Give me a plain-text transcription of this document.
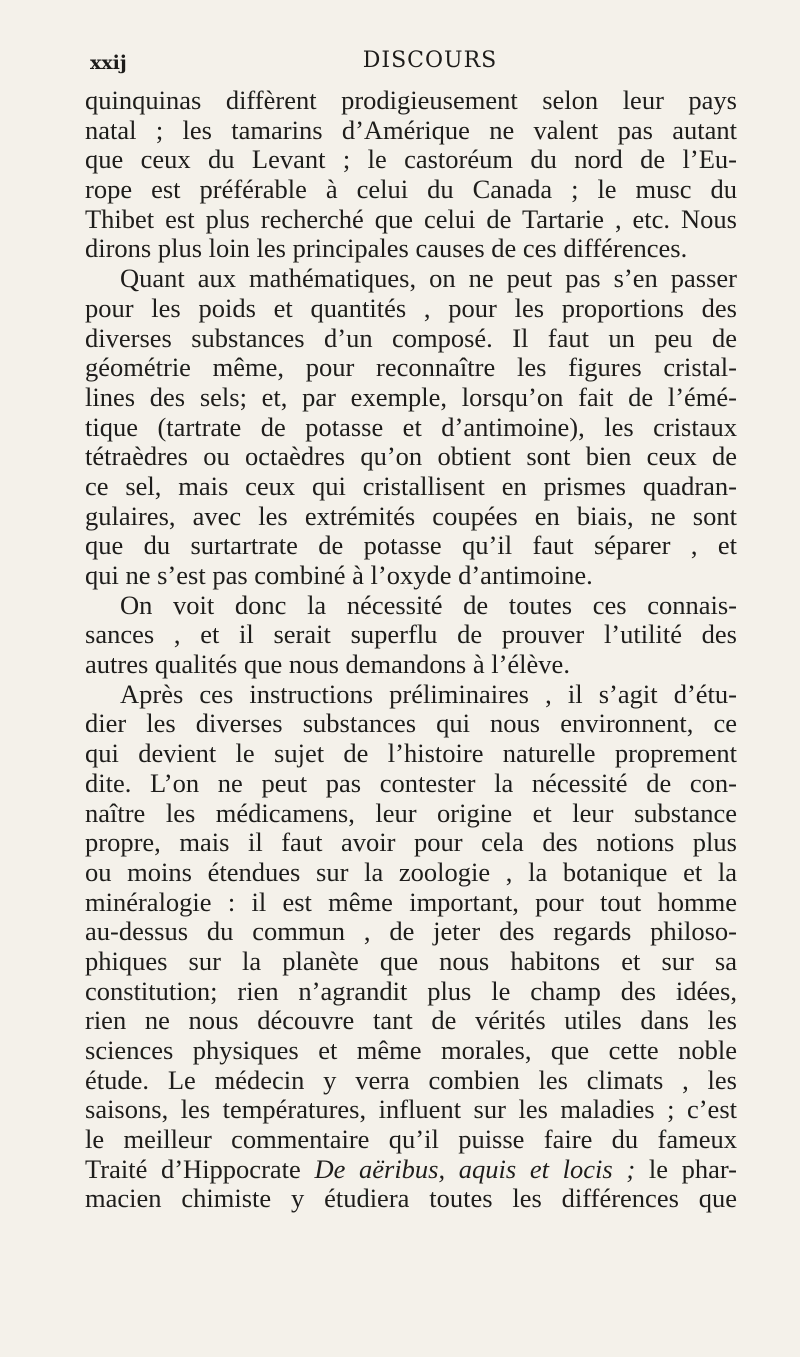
xxij	DISCOURS
quinquinas diffèrent prodigieusement selon leur pays
natal ; les tamarins d’Amérique ne valent pas autant
que ceux du Levant ; le castoréum du nord de l’Eu-
rope est préférable à celui du Canada ; le musc du
Thibet est plus recherché que celui de Tartarie , etc. Nous
dirons plus loin les principales causes de ces différences.
Quant aux mathématiques, on ne peut pas s’en passer
pour les poids et quantités , pour les proportions des
diverses substances d’un composé. Il faut un peu de
géométrie même, pour reconnaître les figures cristal-
lines des sels; et, par exemple, lorsqu’on fait de l’émé-
tique (tartrate de potasse et d’antimoine), les cristaux
tétraèdres ou octaèdres qu’on obtient sont bien ceux de
ce sel, mais ceux qui cristallisent en prismes quadran-
gulaires, avec les extrémités coupées en biais, ne sont
que du surtartrate de potasse qu’il faut séparer , et
qui ne s’est pas combiné à l’oxyde d’antimoine.
On voit donc la nécessité de toutes ces connais-
sances , et il serait superflu de prouver l’utilité des
autres qualités que nous demandons à l’élève.
Après ces instructions préliminaires , il s’agit d’étu-
dier les diverses substances qui nous environnent, ce
qui devient le sujet de l’histoire naturelle proprement
dite. L’on ne peut pas contester la nécessité de con-
naître les médicamens, leur origine et leur substance
propre, mais il faut avoir pour cela des notions plus
ou moins étendues sur la zoologie , la botanique et la
minéralogie : il est même important, pour tout homme
au-dessus du commun , de jeter des regards philoso-
phiques sur la planète que nous habitons et sur sa
constitution; rien n’agrandit plus le champ des idées,
rien ne nous découvre tant de vérités utiles dans les
sciences physiques et même morales, que cette noble
étude. Le médecin y verra combien les climats , les
saisons, les températures, influent sur les maladies ; c’est
le meilleur commentaire qu’il puisse faire du fameux
Traité d’Hippocrate De aëribus, aquis et locis ; le phar-
macien chimiste y étudiera toutes les différences que
